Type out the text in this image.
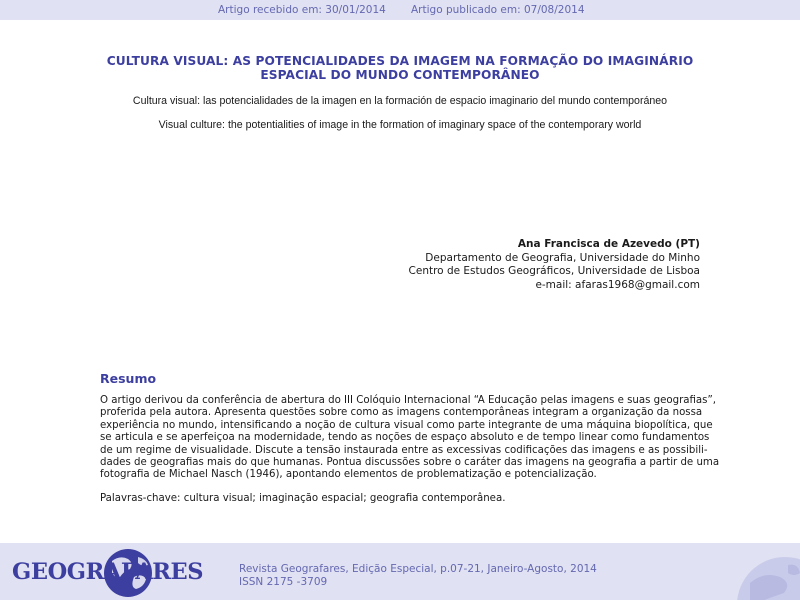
Artigo recebido em: 30/01/2014 Artigo publicado em: 07/08/2014
CULTURA VISUAL: AS POTENCIALIDADES DA IMAGEM NA FORMAÇÃO DO IMAGINÁRIO
ESPACIAL DO MUNDO CONTEMPORÂNEO
Cultura visual: las potencialidades de la imagen en la formación de espacio imaginario del mundo contemporáneo
Visual culture: the potentialities of image in the formation of imaginary space of the contemporary world
Ana Francisca de Azevedo (PT)
Departamento de Geografia, Universidade do Minho
Centro de Estudos Geográficos, Universidade de Lisboa
e-mail: afaras1968@gmail.com
Resumo
O artigo derivou da conferência de abertura do III Colóquio Internacional “A Educação pelas imagens e suas geografias”,
proferida pela autora. Apresenta questões sobre como as imagens contemporâneas integram a organização da nossa
experiência no mundo, intensificando a noção de cultura visual como parte integrante de uma máquina biopolítica, que
se articula e se aperfeiçoa na modernidade, tendo as noções de espaço absoluto e de tempo linear como fundamentos
de um regime de visualidade. Discute a tensão instaurada entre as excessivas codificações das imagens e as possibili-
dades de geografias mais do que humanas. Pontua discussões sobre o caráter das imagens na geografia a partir de uma
fotografia de Michael Nasch (1946), apontando elementos de problematização e potencialização.
Palavras-chave: cultura visual; imaginação espacial; geografia contemporânea.
GEOGRAFARES	Revista Geografares, Edição Especial, p.07-21, Janeiro-Agosto, 2014
ISSN 2175 -3709
